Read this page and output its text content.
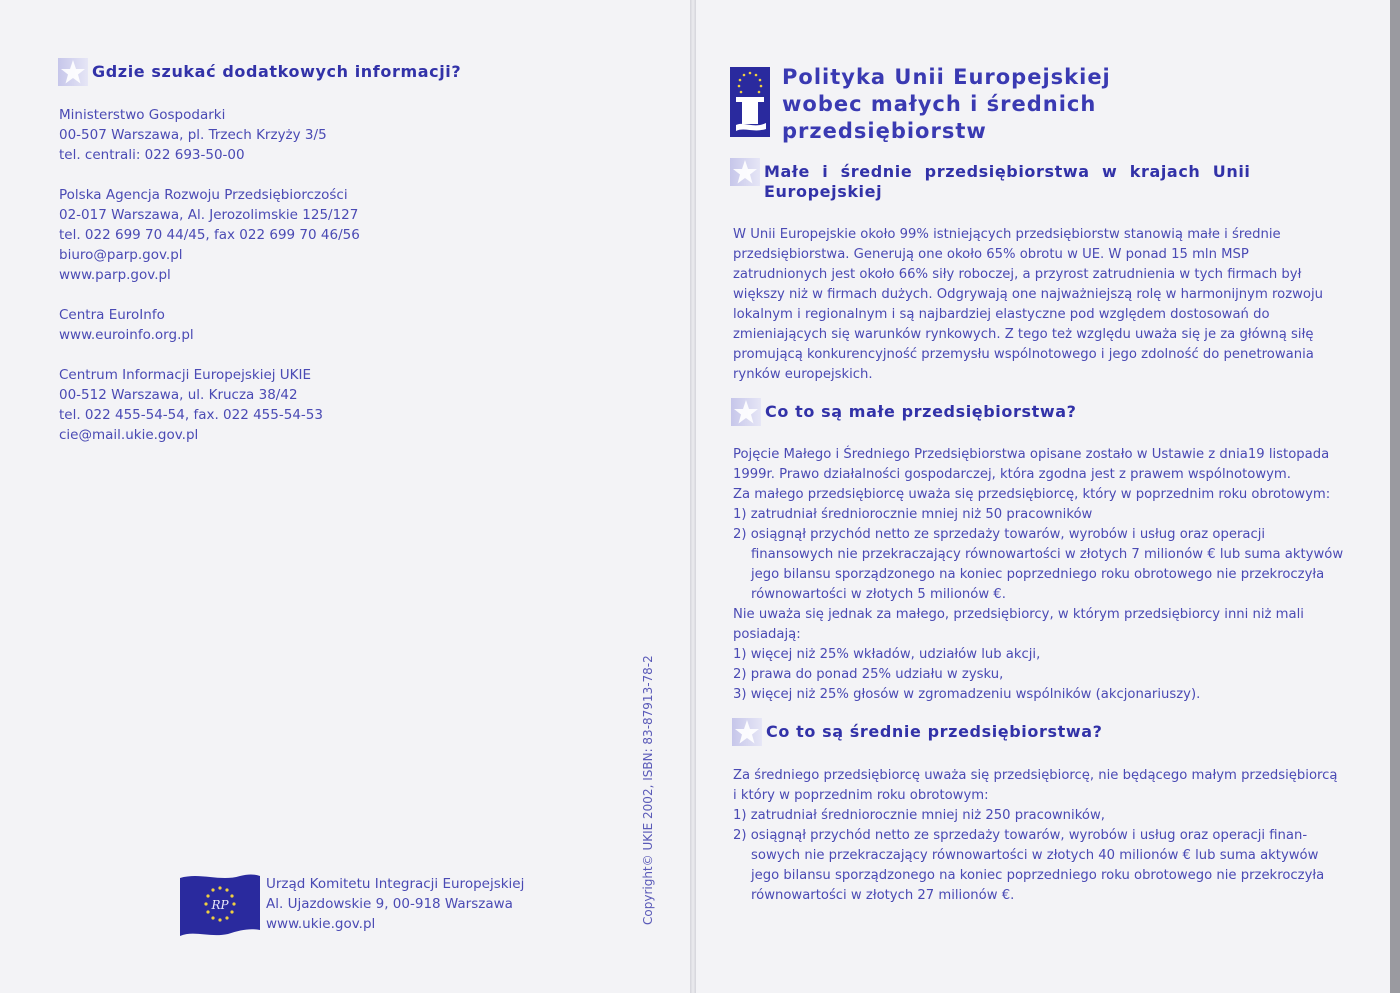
Gdzie szukać dodatkowych informacji?
Ministerstwo Gospodarki
00-507 Warszawa, pl. Trzech Krzyży 3/5
tel. centrali: 022 693-50-00
Polska Agencja Rozwoju Przedsiębiorczości
02-017 Warszawa, Al. Jerozolimskie 125/127
tel. 022 699 70 44/45, fax 022 699 70 46/56
biuro@parp.gov.pl
www.parp.gov.pl
Centra EuroInfo
www.euroinfo.org.pl
Centrum Informacji Europejskiej UKIE
00-512 Warszawa, ul. Krucza 38/42
tel. 022 455-54-54, fax. 022 455-54-53
cie@mail.ukie.gov.pl
RP
Urząd Komitetu Integracji Europejskiej
Al. Ujazdowskie 9, 00-918 Warszawa
www.ukie.gov.pl	Copyright© UKIE 2002, ISBN: 83-87913-78-2
Polityka Unii Europejskiej
wobec małych i średnich
przedsiębiorstw
Małe  i  średnie  przedsiębiorstwa  w  krajach  Unii
Europejskiej
W Unii Europejskie około 99% istniejących przedsiębiorstw stanowią małe i średnie
przedsiębiorstwa. Generują one około 65% obrotu w UE. W ponad 15 mln MSP
zatrudnionych jest około 66% siły roboczej, a przyrost zatrudnienia w tych firmach był
większy niż w firmach dużych. Odgrywają one najważniejszą rolę w harmonijnym rozwoju
lokalnym i regionalnym i są najbardziej elastyczne pod względem dostosowań do
zmieniających się warunków rynkowych. Z tego też względu uważa się je za główną siłę
promującą konkurencyjność przemysłu wspólnotowego i jego zdolność do penetrowania
rynków europejskich.
Co to są małe przedsiębiorstwa?
Pojęcie Małego i Średniego Przedsiębiorstwa opisane zostało w Ustawie z dnia19 listopada
1999r. Prawo działalności gospodarczej, która zgodna jest z prawem wspólnotowym.
Za małego przedsiębiorcę uważa się przedsiębiorcę, który w poprzednim roku obrotowym:
1) zatrudniał średniorocznie mniej niż 50 pracowników
2) osiągnął przychód netto ze sprzedaży towarów, wyrobów i usług oraz operacji
finansowych nie przekraczający równowartości w złotych 7 milionów € lub suma aktywów
jego bilansu sporządzonego na koniec poprzedniego roku obrotowego nie przekroczyła
równowartości w złotych 5 milionów €.
Nie uważa się jednak za małego, przedsiębiorcy, w którym przedsiębiorcy inni niż mali
posiadają:
1) więcej niż 25% wkładów, udziałów lub akcji,
2) prawa do ponad 25% udziału w zysku,
3) więcej niż 25% głosów w zgromadzeniu wspólników (akcjonariuszy).
Co to są średnie przedsiębiorstwa?
Za średniego przedsiębiorcę uważa się przedsiębiorcę, nie będącego małym przedsiębiorcą
i który w poprzednim roku obrotowym:
1) zatrudniał średniorocznie mniej niż 250 pracowników,
2) osiągnął przychód netto ze sprzedaży towarów, wyrobów i usług oraz operacji finan-
sowych nie przekraczający równowartości w złotych 40 milionów € lub suma aktywów
jego bilansu sporządzonego na koniec poprzedniego roku obrotowego nie przekroczyła
równowartości w złotych 27 milionów €.
